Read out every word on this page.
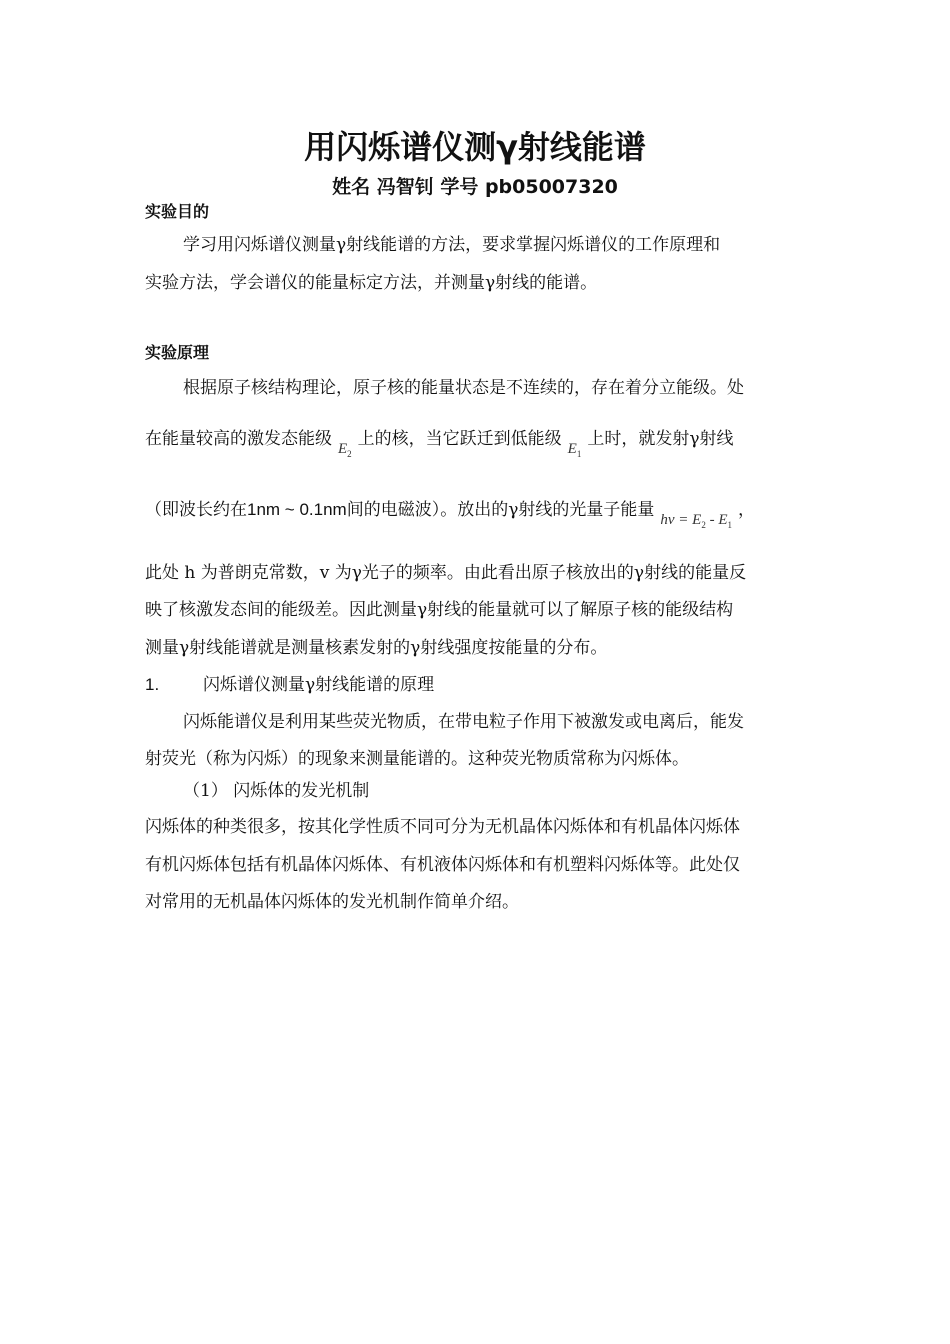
用闪烁谱仪测γ射线能谱
姓名 冯智钊 学号 pb05007320
实验目的
学习用闪烁谱仪测量γ射线能谱的方法，要求掌握闪烁谱仪的工作原理和
实验方法，学会谱仪的能量标定方法，并测量γ射线的能谱。
实验原理
根据原子核结构理论，原子核的能量状态是不连续的，存在着分立能级。处
在能量较高的激发态能级 $E_2$上的核，当它跃迁到低能级 $E_1$上时，就发射γ射线
（即波长约在1nm ~ 0.1nm间的电磁波）。放出的γ射线的光量子能量 hv = $E_2 - E_1$，
此处 h 为普朗克常数，v 为γ光子的频率。由此看出原子核放出的γ射线的能量反
映了核激发态间的能级差。因此测量γ射线的能量就可以了解原子核的能级结构
测量γ射线能谱就是测量核素发射的γ射线强度按能量的分布。
1.	闪烁谱仪测量γ射线能谱的原理
闪烁能谱仪是利用某些荧光物质，在带电粒子作用下被激发或电离后，能发
射荧光（称为闪烁）的现象来测量能谱的。这种荧光物质常称为闪烁体。
（1） 闪烁体的发光机制
闪烁体的种类很多，按其化学性质不同可分为无机晶体闪烁体和有机晶体闪烁体
有机闪烁体包括有机晶体闪烁体、有机液体闪烁体和有机塑料闪烁体等。此处仅
对常用的无机晶体闪烁体的发光机制作简单介绍。
